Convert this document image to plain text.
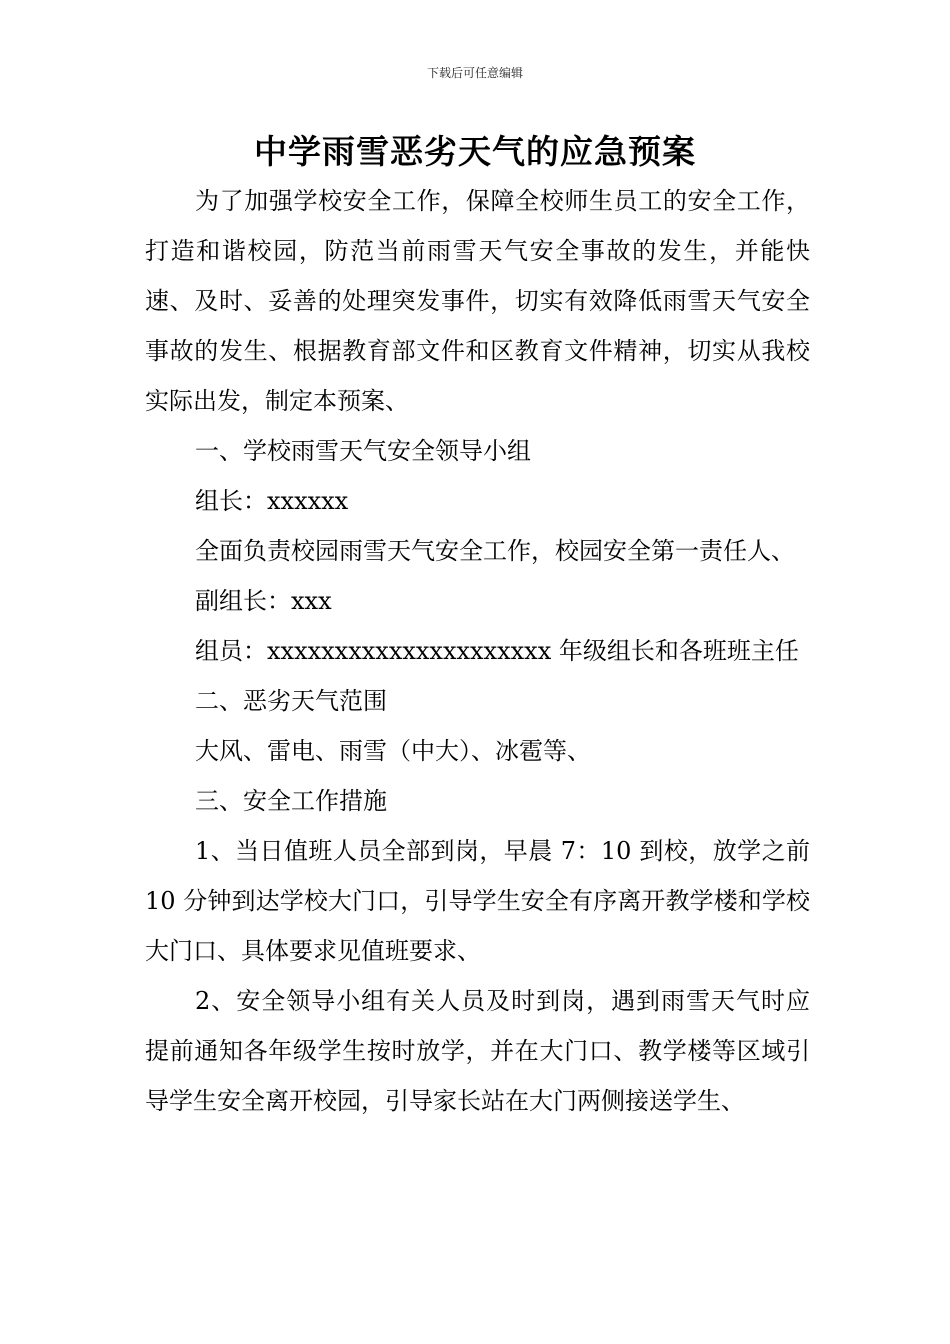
下载后可任意编辑
中学雨雪恶劣天气的应急预案

为了加强学校安全工作，保障全校师生员工的安全工作，打造和谐校园，防范当前雨雪天气安全事故的发生，并能快速、及时、妥善的处理突发事件，切实有效降低雨雪天气安全事故的发生、根据教育部文件和区教育文件精神，切实从我校实际出发，制定本预案、

一、学校雨雪天气安全领导小组

组长：xxxxxx

全面负责校园雨雪天气安全工作，校园安全第一责任人、

副组长：xxx

组员：xxxxxxxxxxxxxxxxxxxxx 年级组长和各班班主任

二、恶劣天气范围

大风、雷电、雨雪（中大）、冰雹等、

三、安全工作措施

1、当日值班人员全部到岗，早晨 7：10 到校，放学之前 10 分钟到达学校大门口，引导学生安全有序离开教学楼和学校大门口、具体要求见值班要求、

2、安全领导小组有关人员及时到岗，遇到雨雪天气时应提前通知各年级学生按时放学，并在大门口、教学楼等区域引导学生安全离开校园，引导家长站在大门两侧接送学生、
